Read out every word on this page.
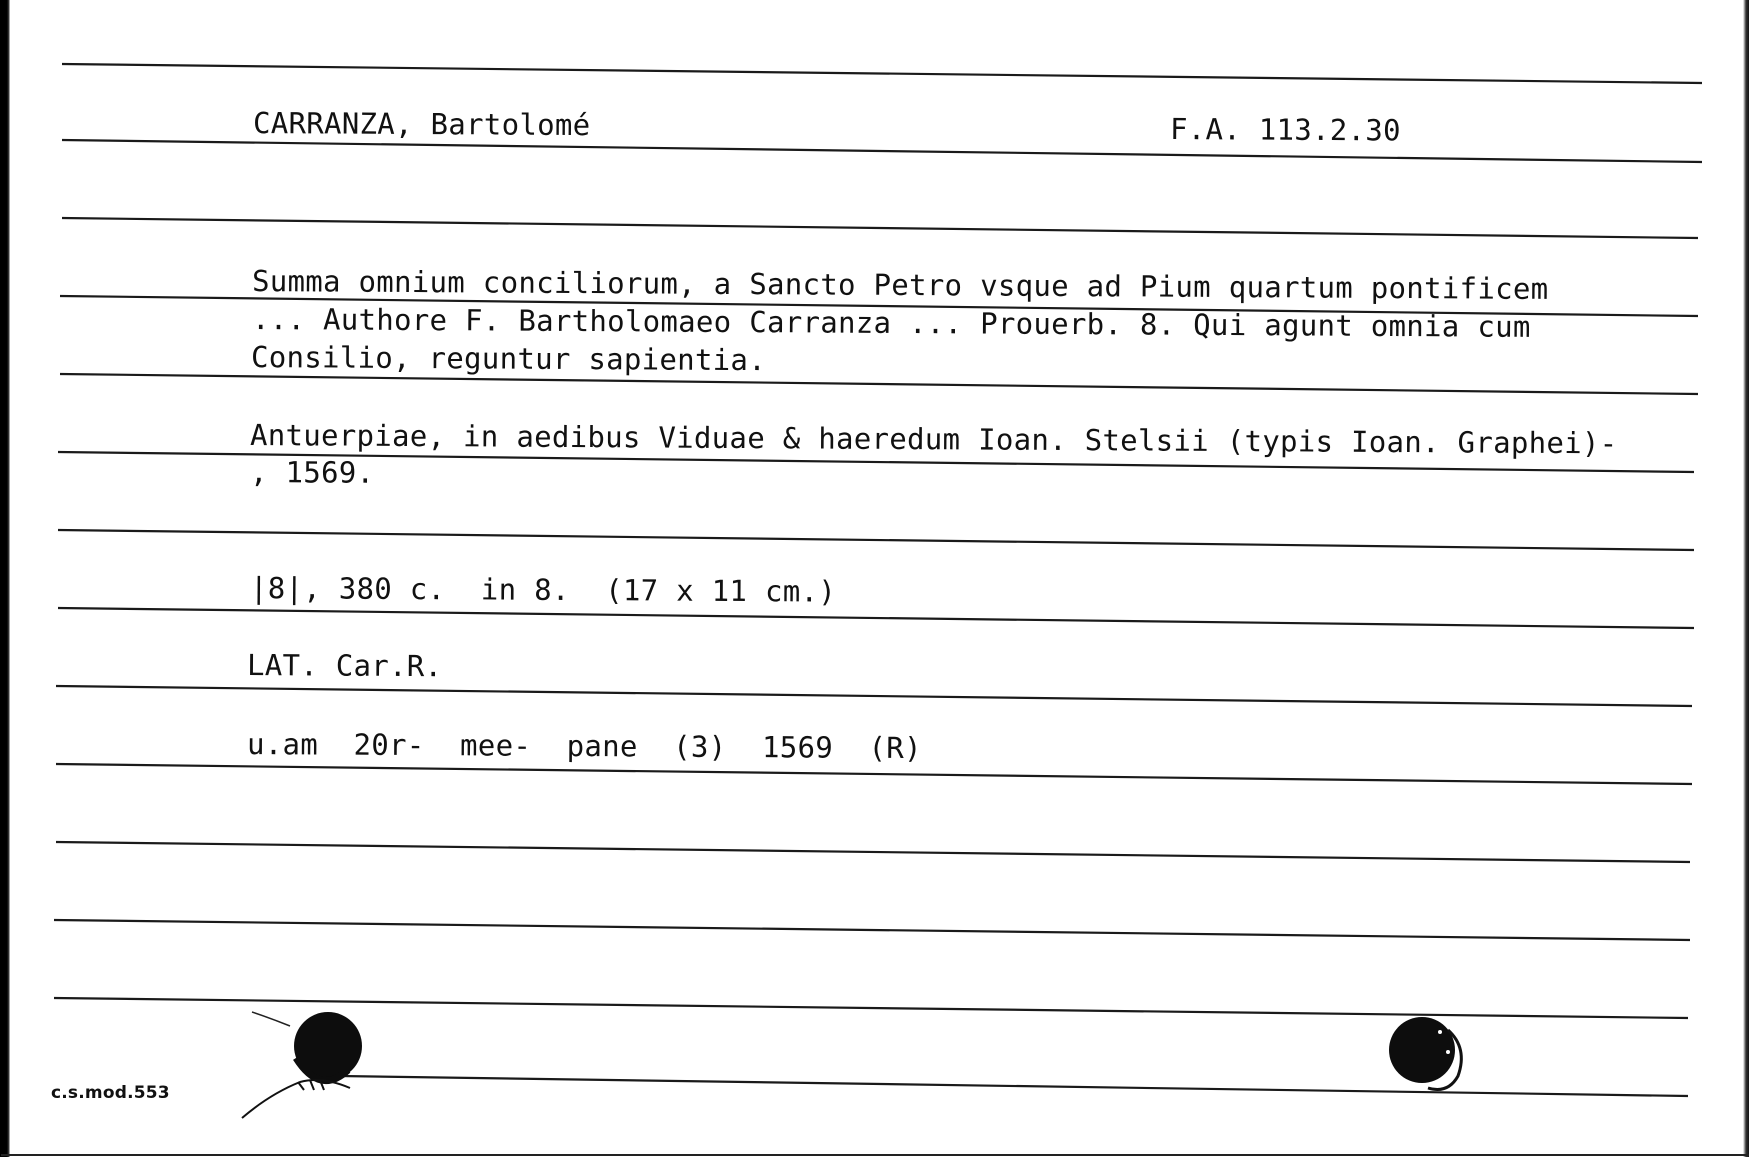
CARRANZA, Bartolomé	F.A. 113.2.30
Summa omnium conciliorum, a Sancto Petro vsque ad Pium quartum pontificem
... Authore F. Bartholomaeo Carranza ... Prouerb. 8. Qui agunt omnia cum
Consilio, reguntur sapientia.
Antuerpiae, in aedibus Viduae & haeredum Ioan. Stelsii (typis Ioan. Graphei)-
, 1569.
|8|, 380 c.  in 8.  (17 x 11 cm.)
LAT. Car.R.
u.am  20r-  mee-  pane  (3)  1569  (R)
c.s.mod.553
